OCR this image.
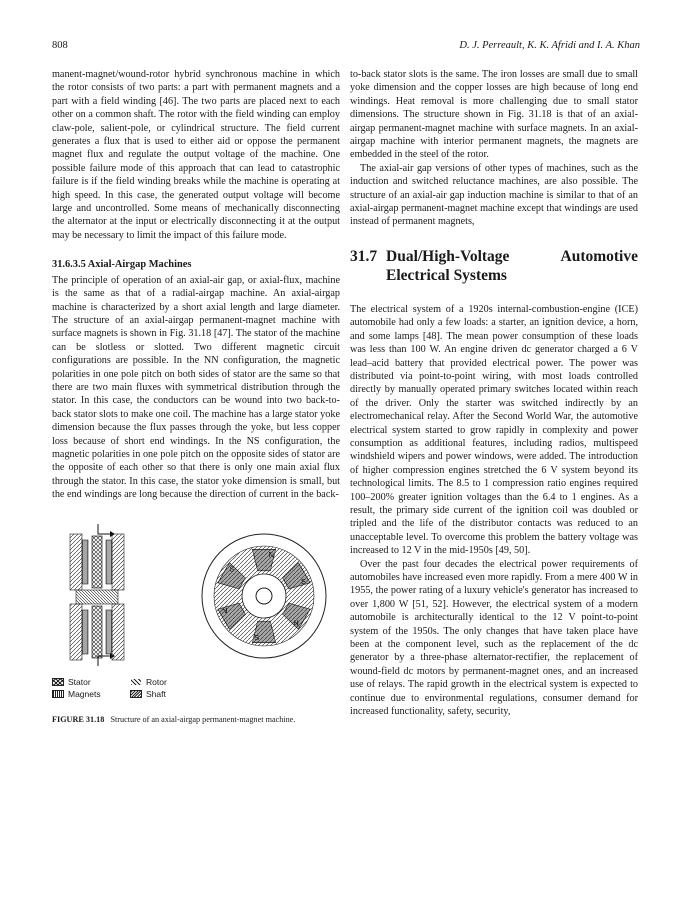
808	D. J. Perreault, K. K. Afridi and I. A. Khan

manent-magnet/wound-rotor hybrid synchronous machine in which the rotor consists of two parts: a part with permanent magnets and a part with a field winding [46]. The two parts are placed next to each other on a common shaft. The rotor with the field winding can employ claw-pole, salient-pole, or cylindrical structure. The field current generates a flux that is used to either aid or oppose the permanent magnet flux and regulate the output voltage of the machine. One possible failure mode of this approach that can lead to catastrophic failure is if the field winding breaks while the machine is operating at high speed. In this case, the generated output voltage will become large and uncontrolled. Some means of mechanically disconnecting the alternator at the input or electrically disconnecting it at the output may be necessary to limit the impact of this failure mode.

31.6.3.5 Axial-Airgap Machines

The principle of operation of an axial-air gap, or axial-flux, machine is the same as that of a radial-airgap machine. An axial-airgap machine is characterized by a short axial length and large diameter. The structure of an axial-airgap permanent-magnet machine with surface magnets is shown in Fig. 31.18 [47]. The stator of the machine can be slotless or slotted. Two different magnetic circuit configurations are possible. In the NN configuration, the magnetic polarities in one pole pitch on both sides of stator are the same so that there are two main fluxes with symmetrical distribution through the stator. In this case, the conductors can be wound into two back-to-back stator slots to make one coil. The machine has a large stator yoke dimension because the flux passes through the yoke, but less copper loss because of short end windings. In the NS configuration, the magnetic polarities in one pole pitch on the opposite sides of stator are the opposite of each other so that there is only one main axial flux through the stator. In this case, the stator yoke dimension is small, but the end windings are long because the direction of current in the back-

N
S
N
S
N
S
Stator	Rotor
Magnets	Shaft
FIGURE 31.18 Structure of an axial-airgap permanent-magnet machine.

to-back stator slots is the same. The iron losses are small due to small yoke dimension and the copper losses are high because of long end windings. Heat removal is more challenging due to small stator dimensions. The structure shown in Fig. 31.18 is that of an axial-airgap permanent-magnet machine with surface magnets. In an axial-airgap machine with interior permanent magnets, the magnets are embedded in the steel of the rotor.

The axial-air gap versions of other types of machines, such as the induction and switched reluctance machines, are also possible. The structure of an axial-air gap induction machine is similar to that of an axial-airgap permanent-magnet machine except that windings are used instead of permanent magnets,

31.7 Dual/High-Voltage Automotive Electrical Systems

The electrical system of a 1920s internal-combustion-engine (ICE) automobile had only a few loads: a starter, an ignition device, a horn, and some lamps [48]. The mean power consumption of these loads was less than 100 W. An engine driven dc generator charged a 6 V lead–acid battery that provided electrical power. The power was distributed via point-to-point wiring, with most loads controlled directly by manually operated primary switches located within reach of the driver. Only the starter was switched indirectly by an electromechanical relay. After the Second World War, the automotive electrical system started to grow rapidly in complexity and power consumption as additional features, including radios, multispeed windshield wipers and power windows, were added. The introduction of higher compression engines stretched the 6 V system beyond its technological limits. The 8.5 to 1 compression ratio engines required 100–200% greater ignition voltages than the 6.4 to 1 engines. As a result, the primary side current of the ignition coil was doubled or tripled and the life of the distributor contacts was reduced to an unacceptable level. To overcome this problem the battery voltage was increased to 12 V in the mid-1950s [49, 50].

Over the past four decades the electrical power requirements of automobiles have increased even more rapidly. From a mere 400 W in 1955, the power rating of a luxury vehicle's generator has increased to over 1,800 W [51, 52]. However, the electrical system of a modern automobile is architecturally identical to the 12 V point-to-point system of the 1950s. The only changes that have taken place have been at the component level, such as the replacement of the dc generator by a three-phase alternator-rectifier, the replacement of wound-field dc motors by permanent-magnet ones, and an increased use of relays. The rapid growth in the electrical system is expected to continue due to environmental regulations, consumer demand for increased functionality, safety, security,
